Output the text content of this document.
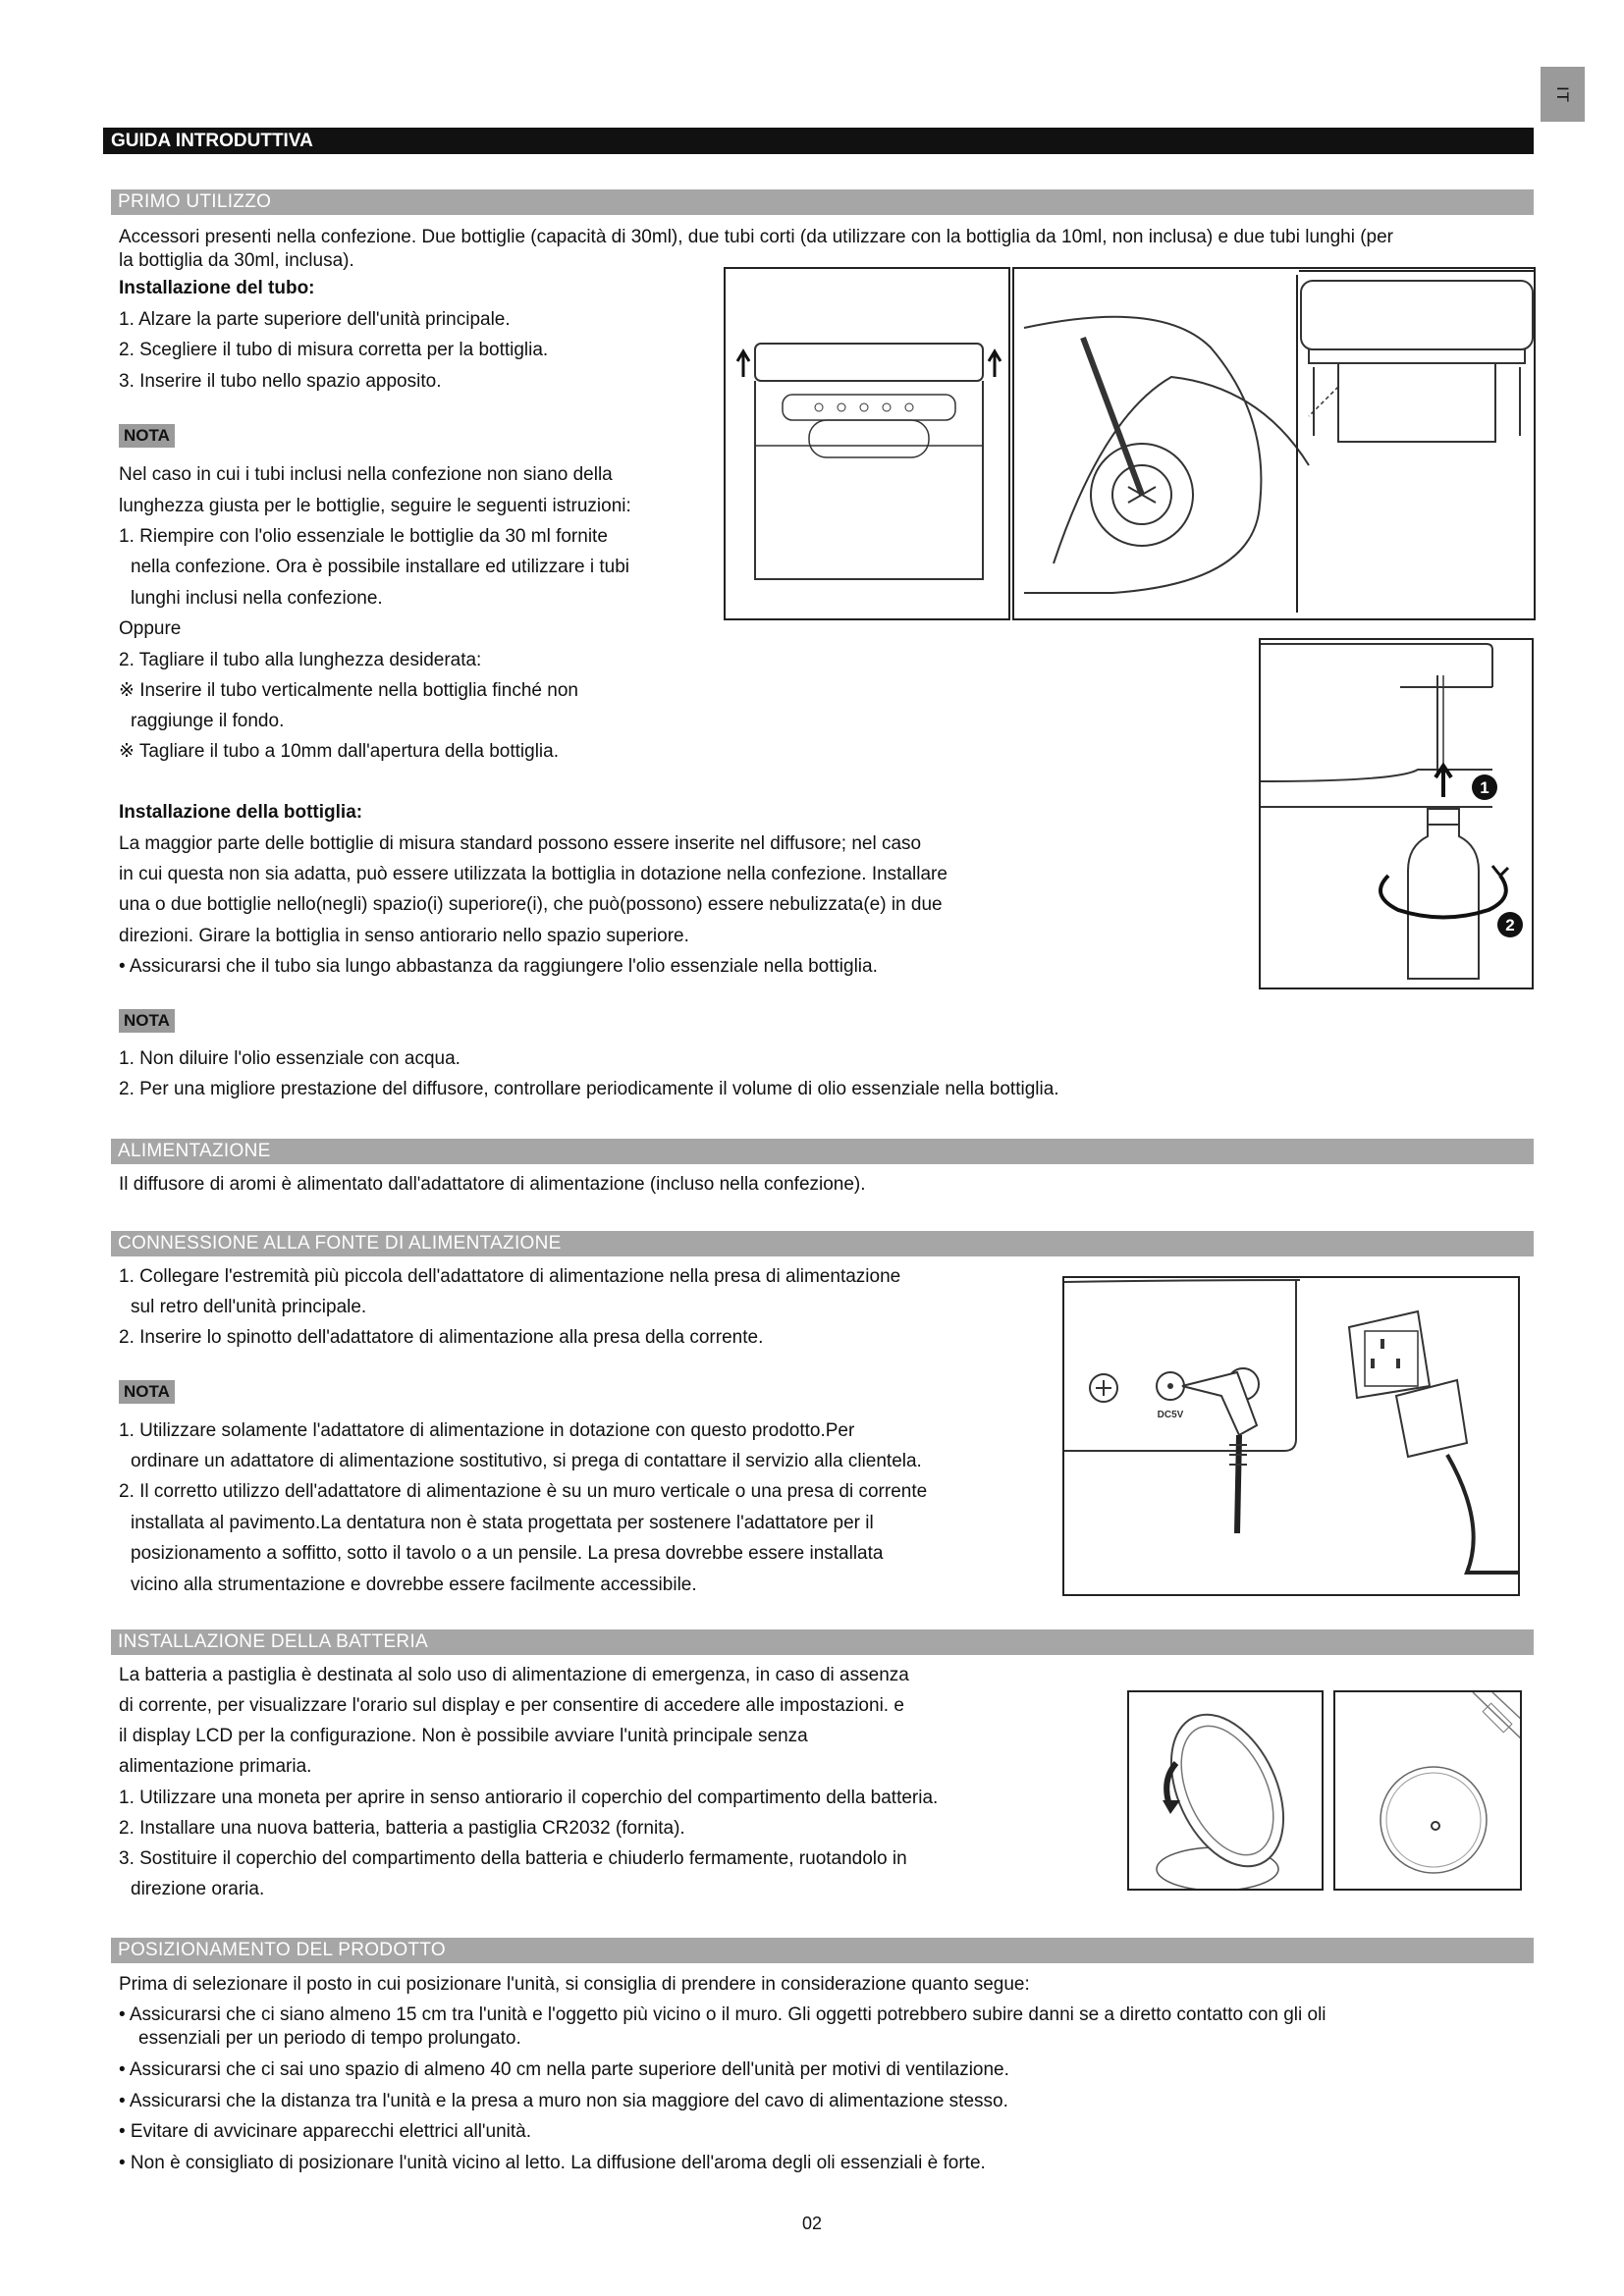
IT
GUIDA INTRODUTTIVA
PRIMO UTILIZZO
Accessori presenti nella confezione. Due bottiglie (capacità di 30ml), due tubi corti (da utilizzare con la bottiglia da 10ml, non inclusa) e due tubi lunghi (per
la bottiglia da 30ml, inclusa).
Installazione del tubo:
1. Alzare la parte superiore dell'unità principale.
2. Scegliere il tubo di misura corretta per la bottiglia.
3. Inserire il tubo nello spazio apposito.
NOTA
Nel caso in cui i tubi inclusi nella confezione non siano della
lunghezza giusta per le bottiglie, seguire le seguenti istruzioni:
1. Riempire con l'olio essenziale le bottiglie da 30 ml fornite
nella confezione. Ora è possibile installare ed utilizzare i tubi
lunghi inclusi nella confezione.
Oppure
2. Tagliare il tubo alla lunghezza desiderata:
※ Inserire il tubo verticalmente nella bottiglia finché non
raggiunge il fondo.
※ Tagliare il tubo a 10mm dall'apertura della bottiglia.
Installazione della bottiglia:
La maggior parte delle bottiglie di misura standard possono essere inserite nel diffusore; nel caso
in cui questa non sia adatta, può essere utilizzata la bottiglia in dotazione nella confezione. Installare
una o due bottiglie nello(negli) spazio(i) superiore(i), che può(possono) essere nebulizzata(e) in due
direzioni. Girare la bottiglia in senso antiorario nello spazio superiore.
• Assicurarsi che il tubo sia lungo abbastanza da raggiungere l'olio essenziale nella bottiglia.
NOTA
1. Non diluire l'olio essenziale con acqua.
2. Per una migliore prestazione del diffusore, controllare periodicamente il volume di olio essenziale nella bottiglia.
1
2
ALIMENTAZIONE
Il diffusore di aromi è alimentato dall'adattatore di alimentazione (incluso nella confezione).
CONNESSIONE ALLA FONTE DI ALIMENTAZIONE
1. Collegare l'estremità più piccola dell'adattatore di alimentazione nella presa di alimentazione
sul retro dell'unità principale.
2. Inserire lo spinotto dell'adattatore di alimentazione alla presa della corrente.
NOTA
1. Utilizzare solamente l'adattatore di alimentazione in dotazione con questo prodotto.Per
ordinare un adattatore di alimentazione sostitutivo, si prega di contattare il servizio alla clientela.
2. Il corretto utilizzo dell'adattatore di alimentazione è su un muro verticale o una presa di corrente
installata al pavimento.La dentatura non è stata progettata per sostenere l'adattatore per il
posizionamento a soffitto, sotto il tavolo o a un pensile. La presa dovrebbe essere installata
vicino alla strumentazione e dovrebbe essere facilmente accessibile.
DC5V
INSTALLAZIONE DELLA BATTERIA
La batteria a pastiglia è destinata al solo uso di alimentazione di emergenza, in caso di assenza
di corrente, per visualizzare l'orario sul display e per consentire di accedere alle impostazioni. e
il display LCD per la configurazione. Non è possibile avviare l'unità principale senza
alimentazione primaria.
1. Utilizzare una moneta per aprire in senso antiorario il coperchio del compartimento della batteria.
2. Installare una nuova batteria, batteria a pastiglia CR2032 (fornita).
3. Sostituire il coperchio del compartimento della batteria e chiuderlo fermamente, ruotandolo in
direzione oraria.
POSIZIONAMENTO DEL PRODOTTO
Prima di selezionare il posto in cui posizionare l'unità, si consiglia di prendere in considerazione quanto segue:
• Assicurarsi che ci siano almeno 15 cm tra l'unità e l'oggetto più vicino o il muro. Gli oggetti potrebbero subire danni se a diretto contatto con gli oli
essenziali per un periodo di tempo prolungato.
• Assicurarsi che ci sai uno spazio di almeno 40 cm nella parte superiore dell'unità per motivi di ventilazione.
• Assicurarsi che la distanza tra l'unità e la presa a muro non sia maggiore del cavo di alimentazione stesso.
• Evitare di avvicinare apparecchi elettrici all'unità.
• Non è consigliato di posizionare l'unità vicino al letto. La diffusione dell'aroma degli oli essenziali è forte.
02
